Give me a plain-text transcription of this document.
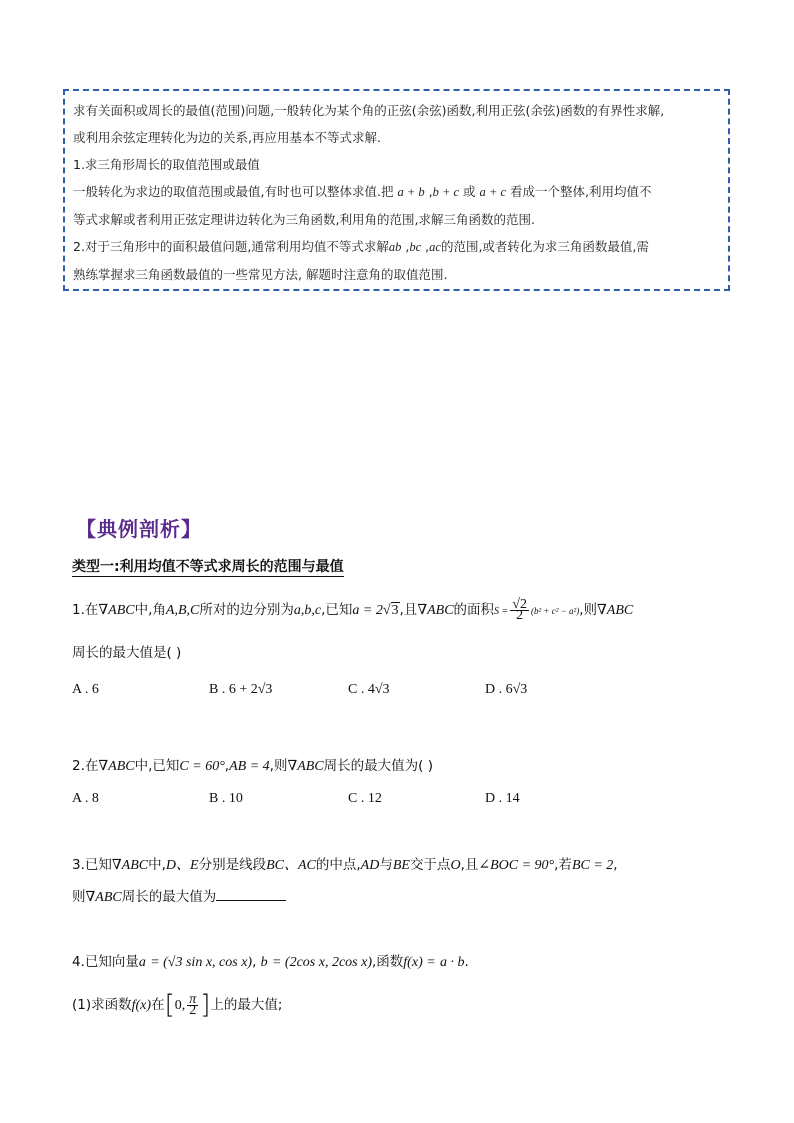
求有关面积或周长的最值(范围)问题,一般转化为某个角的正弦(余弦)函数,利用正弦(余弦)函数的有界性求解,

或利用余弦定理转化为边的关系,再应用基本不等式求解.

1.求三角形周长的取值范围或最值

一般转化为求边的取值范围或最值,有时也可以整体求值.把 a + b ,b + c 或 a + c 看成一个整体,利用均值不

等式求解或者利用正弦定理讲边转化为三角函数,利用角的范围,求解三角函数的范围.

2.对于三角形中的面积最值问题,通常利用均值不等式求解ab ,bc ,ac的范围,或者转化为求三角函数最值,需

熟练掌握求三角函数最值的一些常见方法, 解题时注意角的取值范围.

【典例剖析】
类型一:利用均值不等式求周长的范围与最值
1.在∇ABC中,角A,B,C所对的边分别为a,b,c,已知a = 2√3,且∇ABC的面积$S = \frac{√2}{2} (b^2 + c^2 - a^2)$,则∇ABC
周长的最大值是( )
A . 6	B . 6 + 2√3	C . 4√3	D . 6√3
2.在∇ABC中,已知C = 60°,AB = 4,则∇ABC周长的最大值为( )
A . 8	B . 10	C . 12	D . 14
3.已知∇ABC中,D、E分别是线段BC、AC的中点,AD与BE交于点O,且∠BOC = 90°,若BC = 2,
则∇ABC周长的最大值为
4.已知向量a = (√3 sin x, cos x), b = (2cos x, 2cos x),函数f(x) = a · b.
(1)求函数f(x)在[0, $\frac{\pi}{2}$ ]上的最大值;
